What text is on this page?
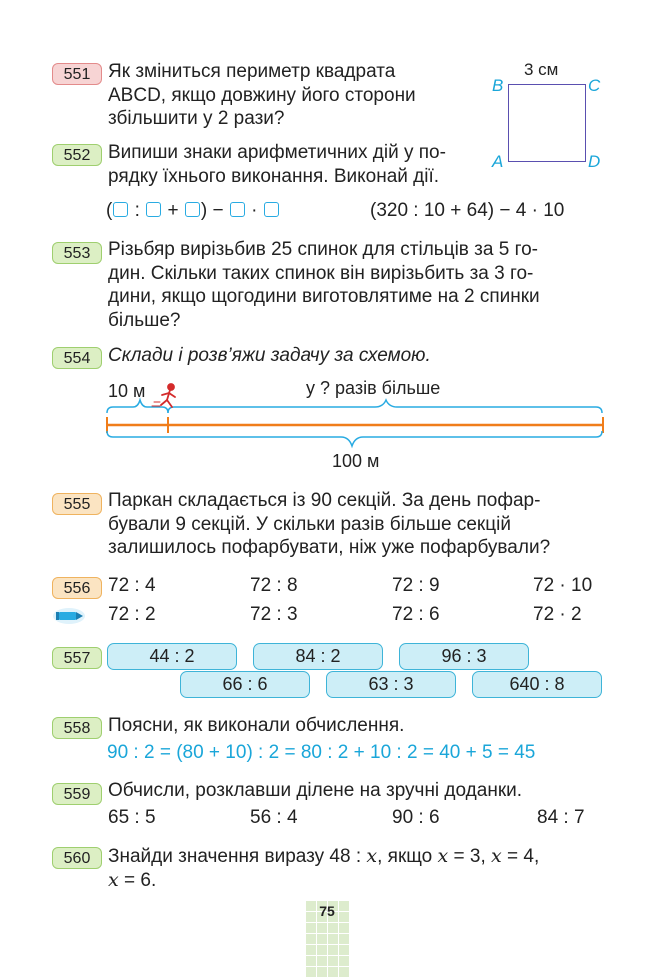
551 Як зміниться периметр квадрата
ABCD, якщо довжину його сторони
збільшити у 2 рази?
3 см
B	C
A	D
552 Випиши знаки арифметичних дій у по-
рядку їхнього виконання. Виконай дії.
( : + ) − ·	(320 : 10 + 64) − 4 · 10
553 Різьбяр вирізьбив 25 спинок для стільців за 5 го-
дин. Скільки таких спинок він вирізьбить за 3 го-
дини, якщо щогодини виготовлятиме на 2 спинки
більше?
554 Склади і розв’яжи задачу за схемою.
10 м	у ? разів більше
100 м
555 Паркан складається із 90 секцій. За день пофар-
бували 9 секцій. У скільки разів більше секцій
залишилось пофарбувати, ніж уже пофарбували?
556 72 : 4	72 : 8	72 : 9	72 · 10
72 : 2	72 : 3	72 : 6	72 · 2
557	44 : 2	84 : 2	96 : 3
66 : 6	63 : 3	640 : 8
558 Поясни, як виконали обчислення.
90 : 2 = (80 + 10) : 2 = 80 : 2 + 10 : 2 = 40 + 5 = 45
559 Обчисли, розклавши ділене на зручні доданки.
65 : 5	56 : 4	90 : 6	84 : 7
560 Знайди значення виразу 48 : x, якщо x = 3, x = 4,
x = 6.
75
